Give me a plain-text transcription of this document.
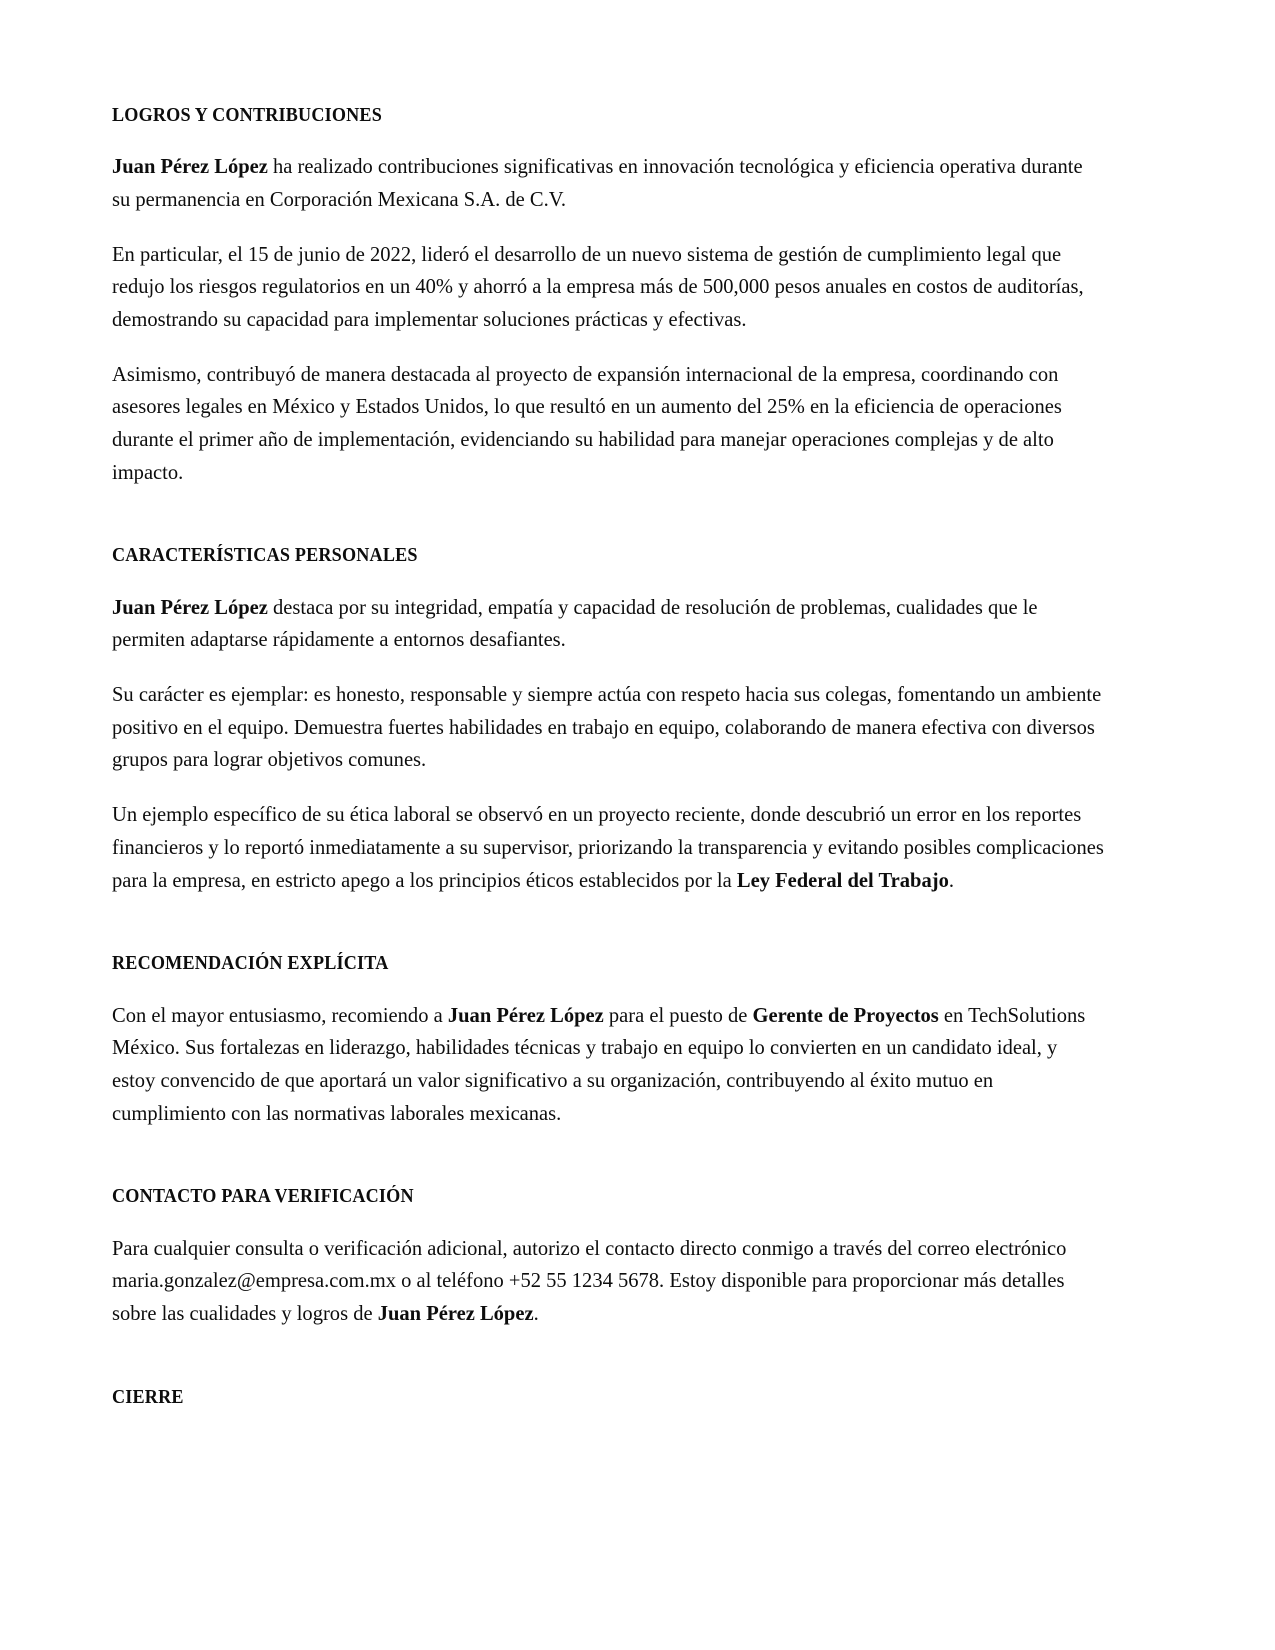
LOGROS Y CONTRIBUCIONES

Juan Pérez López ha realizado contribuciones significativas en innovación tecnológica y eficiencia operativa durante su permanencia en Corporación Mexicana S.A. de C.V.

En particular, el 15 de junio de 2022, lideró el desarrollo de un nuevo sistema de gestión de cumplimiento legal que redujo los riesgos regulatorios en un 40% y ahorró a la empresa más de 500,000 pesos anuales en costos de auditorías, demostrando su capacidad para implementar soluciones prácticas y efectivas.

Asimismo, contribuyó de manera destacada al proyecto de expansión internacional de la empresa, coordinando con asesores legales en México y Estados Unidos, lo que resultó en un aumento del 25% en la eficiencia de operaciones durante el primer año de implementación, evidenciando su habilidad para manejar operaciones complejas y de alto impacto.

CARACTERÍSTICAS PERSONALES

Juan Pérez López destaca por su integridad, empatía y capacidad de resolución de problemas, cualidades que le permiten adaptarse rápidamente a entornos desafiantes.

Su carácter es ejemplar: es honesto, responsable y siempre actúa con respeto hacia sus colegas, fomentando un ambiente positivo en el equipo. Demuestra fuertes habilidades en trabajo en equipo, colaborando de manera efectiva con diversos grupos para lograr objetivos comunes.

Un ejemplo específico de su ética laboral se observó en un proyecto reciente, donde descubrió un error en los reportes financieros y lo reportó inmediatamente a su supervisor, priorizando la transparencia y evitando posibles complicaciones para la empresa, en estricto apego a los principios éticos establecidos por la Ley Federal del Trabajo.

RECOMENDACIÓN EXPLÍCITA

Con el mayor entusiasmo, recomiendo a Juan Pérez López para el puesto de Gerente de Proyectos en TechSolutions México. Sus fortalezas en liderazgo, habilidades técnicas y trabajo en equipo lo convierten en un candidato ideal, y estoy convencido de que aportará un valor significativo a su organización, contribuyendo al éxito mutuo en cumplimiento con las normativas laborales mexicanas.

CONTACTO PARA VERIFICACIÓN

Para cualquier consulta o verificación adicional, autorizo el contacto directo conmigo a través del correo electrónico maria.gonzalez@empresa.com.mx o al teléfono +52 55 1234 5678. Estoy disponible para proporcionar más detalles sobre las cualidades y logros de Juan Pérez López.

CIERRE
